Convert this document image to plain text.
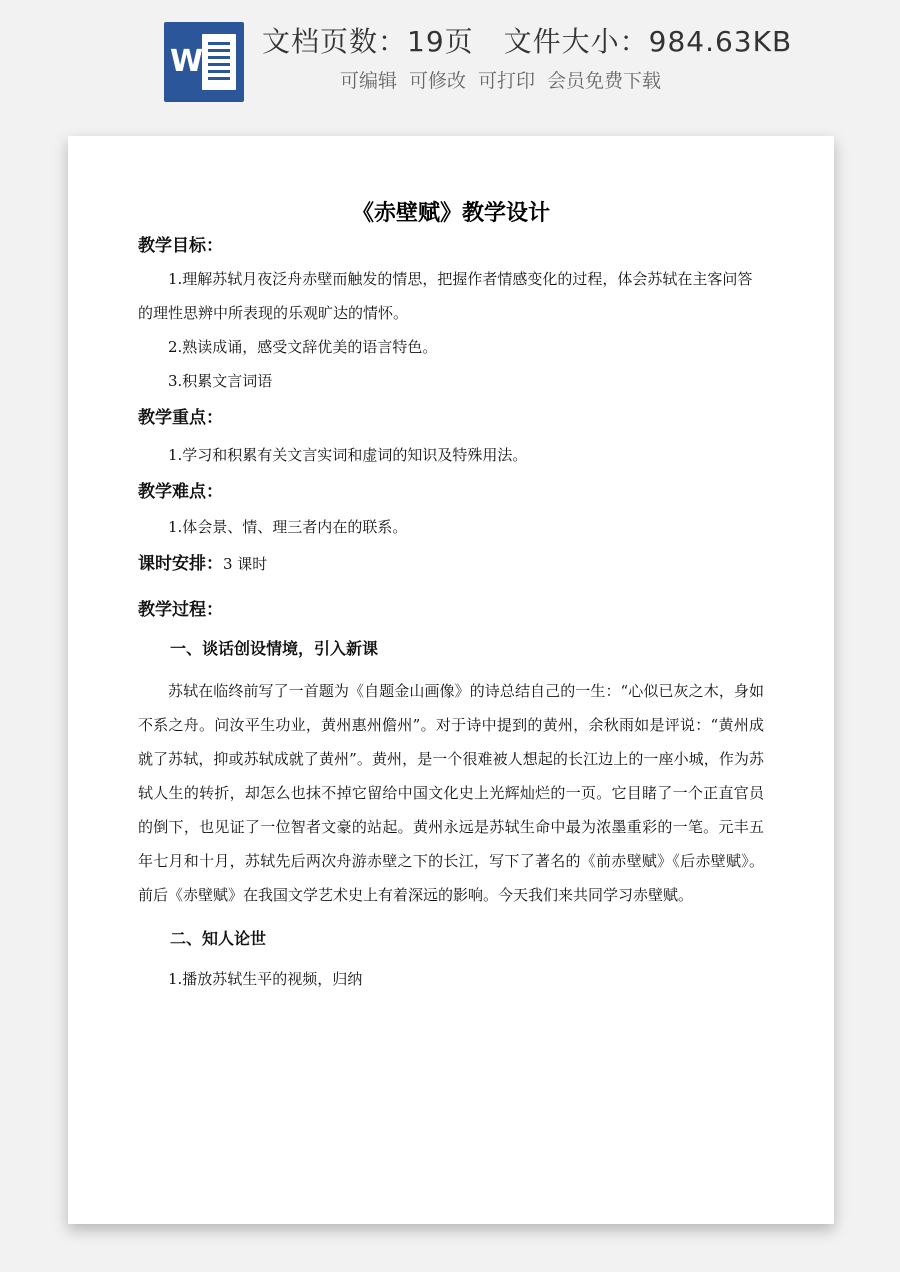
W
文档页数：19页 文件大小：984.63KB
可编辑 可修改 可打印 会员免费下载
《赤壁赋》教学设计

教学目标：

1.理解苏轼月夜泛舟赤壁而触发的情思，把握作者情感变化的过程，体会苏轼在主客问答的理性思辨中所表现的乐观旷达的情怀。

2.熟读成诵，感受文辞优美的语言特色。

3.积累文言词语

教学重点：

1.学习和积累有关文言实词和虚词的知识及特殊用法。

教学难点：

1.体会景、情、理三者内在的联系。

课时安排：3 课时

教学过程：

一、谈话创设情境，引入新课

苏轼在临终前写了一首题为《自题金山画像》的诗总结自己的一生：“心似已灰之木，身如不系之舟。问汝平生功业，黄州惠州儋州”。对于诗中提到的黄州，余秋雨如是评说：“黄州成就了苏轼，抑或苏轼成就了黄州”。黄州，是一个很难被人想起的长江边上的一座小城，作为苏轼人生的转折，却怎么也抹不掉它留给中国文化史上光辉灿烂的一页。它目睹了一个正直官员的倒下，也见证了一位智者文豪的站起。黄州永远是苏轼生命中最为浓墨重彩的一笔。元丰五年七月和十月，苏轼先后两次舟游赤壁之下的长江，写下了著名的《前赤壁赋》《后赤壁赋》。前后《赤壁赋》在我国文学艺术史上有着深远的影响。今天我们来共同学习赤壁赋。

二、知人论世

1.播放苏轼生平的视频，归纳
